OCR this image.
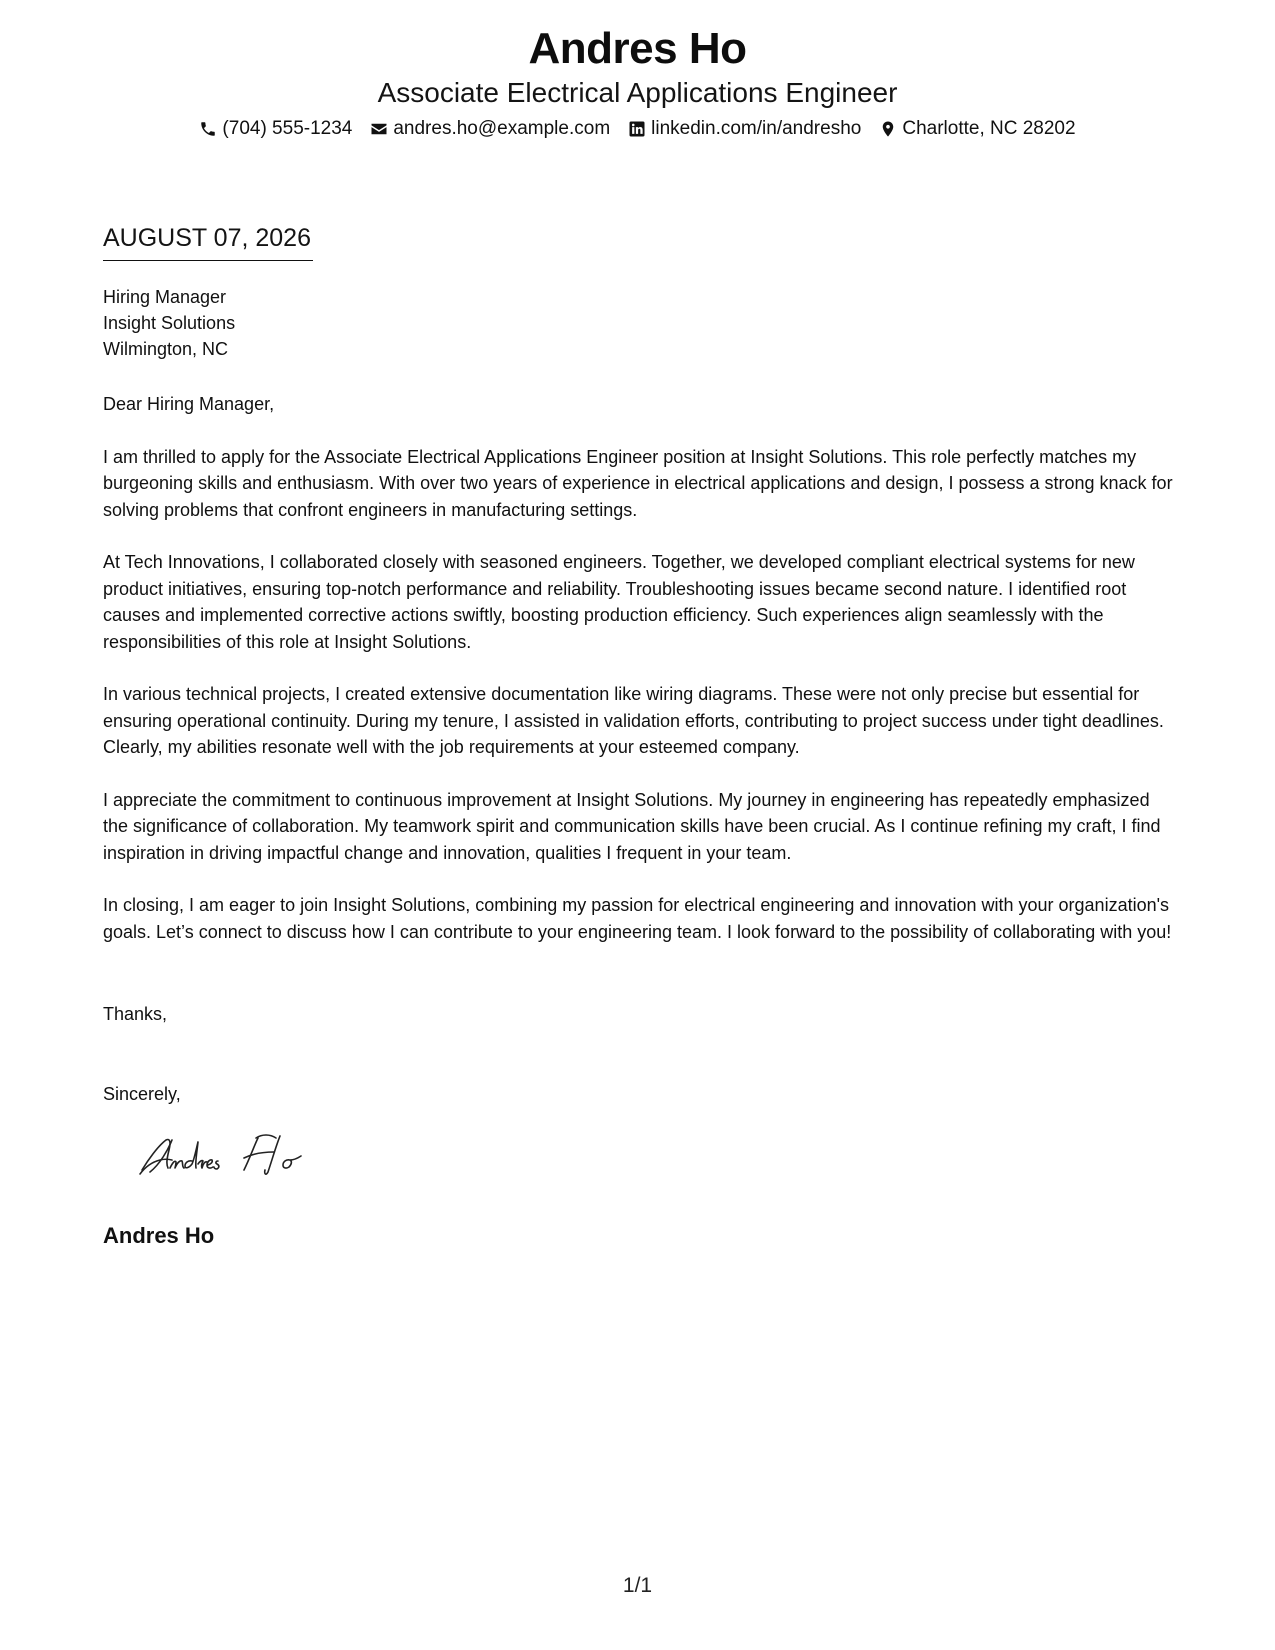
Andres Ho
Associate Electrical Applications Engineer
(704) 555-1234 andres.ho@example.com linkedin.com/in/andresho Charlotte, NC 28202
AUGUST 07, 2026
Hiring Manager
Insight Solutions
Wilmington, NC

Dear Hiring Manager,

I am thrilled to apply for the Associate Electrical Applications Engineer position at Insight Solutions. This role perfectly matches my burgeoning skills and enthusiasm. With over two years of experience in electrical applications and design, I possess a strong knack for solving problems that confront engineers in manufacturing settings.

At Tech Innovations, I collaborated closely with seasoned engineers. Together, we developed compliant electrical systems for new product initiatives, ensuring top-notch performance and reliability. Troubleshooting issues became second nature. I identified root causes and implemented corrective actions swiftly, boosting production efficiency. Such experiences align seamlessly with the responsibilities of this role at Insight Solutions.

In various technical projects, I created extensive documentation like wiring diagrams. These were not only precise but essential for ensuring operational continuity. During my tenure, I assisted in validation efforts, contributing to project success under tight deadlines. Clearly, my abilities resonate well with the job requirements at your esteemed company.

I appreciate the commitment to continuous improvement at Insight Solutions. My journey in engineering has repeatedly emphasized the significance of collaboration. My teamwork spirit and communication skills have been crucial. As I continue refining my craft, I find inspiration in driving impactful change and innovation, qualities I frequent in your team.

In closing, I am eager to join Insight Solutions, combining my passion for electrical engineering and innovation with your organization's goals. Let’s connect to discuss how I can contribute to your engineering team. I look forward to the possibility of collaborating with you!

Thanks,
Sincerely,
Andres Ho
1/1
